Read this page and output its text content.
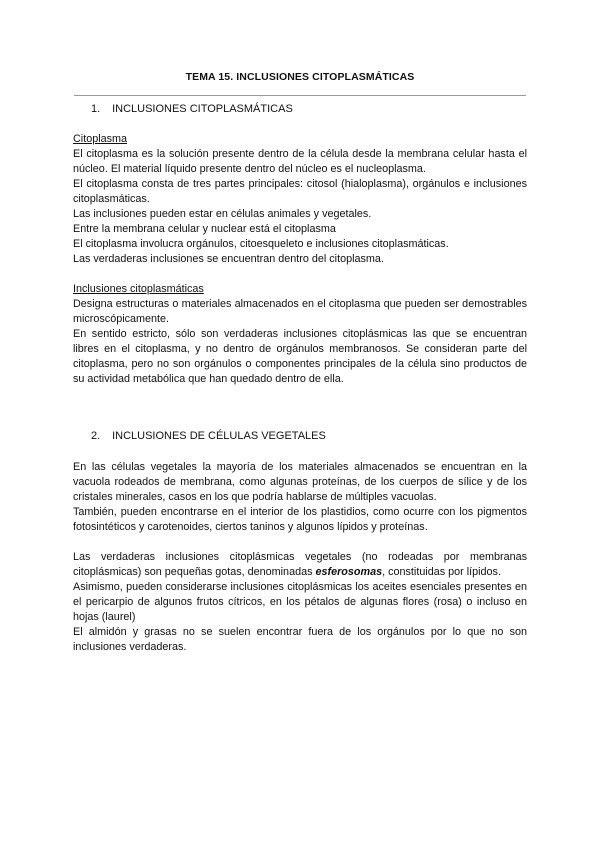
TEMA 15. INCLUSIONES CITOPLASMÁTICAS
1. INCLUSIONES CITOPLASMÁTICAS

Citoplasma

El citoplasma es la solución presente dentro de la célula desde la membrana celular hasta el núcleo. El material líquido presente dentro del núcleo es el nucleoplasma.

El citoplasma consta de tres partes principales: citosol (hialoplasma), orgánulos e inclusiones citoplasmáticas.

Las inclusiones pueden estar en células animales y vegetales.

Entre la membrana celular y nuclear está el citoplasma

El citoplasma involucra orgánulos, citoesqueleto e inclusiones citoplasmáticas.

Las verdaderas inclusiones se encuentran dentro del citoplasma.

Inclusiones citoplasmáticas

Designa estructuras o materiales almacenados en el citoplasma que pueden ser demostrables microscópicamente.

En sentido estricto, sólo son verdaderas inclusiones citoplásmicas las que se encuentran libres en el citoplasma, y no dentro de orgánulos membranosos. Se consideran parte del citoplasma, pero no son orgánulos o componentes principales de la célula sino productos de su actividad metabólica que han quedado dentro de ella.

2. INCLUSIONES DE CÉLULAS VEGETALES

En las células vegetales la mayoría de los materiales almacenados se encuentran en la vacuola rodeados de membrana, como algunas proteínas, de los cuerpos de sílice y de los cristales minerales, casos en los que podría hablarse de múltiples vacuolas.

También, pueden encontrarse en el interior de los plastidios, como ocurre con los pigmentos fotosintéticos y carotenoides, ciertos taninos y algunos lípidos y proteínas.

Las verdaderas inclusiones citoplásmicas vegetales (no rodeadas por membranas citoplásmicas) son pequeñas gotas, denominadas esferosomas, constituidas por lípidos.

Asimismo, pueden considerarse inclusiones citoplásmicas los aceites esenciales presentes en el pericarpio de algunos frutos cítricos, en los pétalos de algunas flores (rosa) o incluso en hojas (laurel)

El almidón y grasas no se suelen encontrar fuera de los orgánulos por lo que no son inclusiones verdaderas.
